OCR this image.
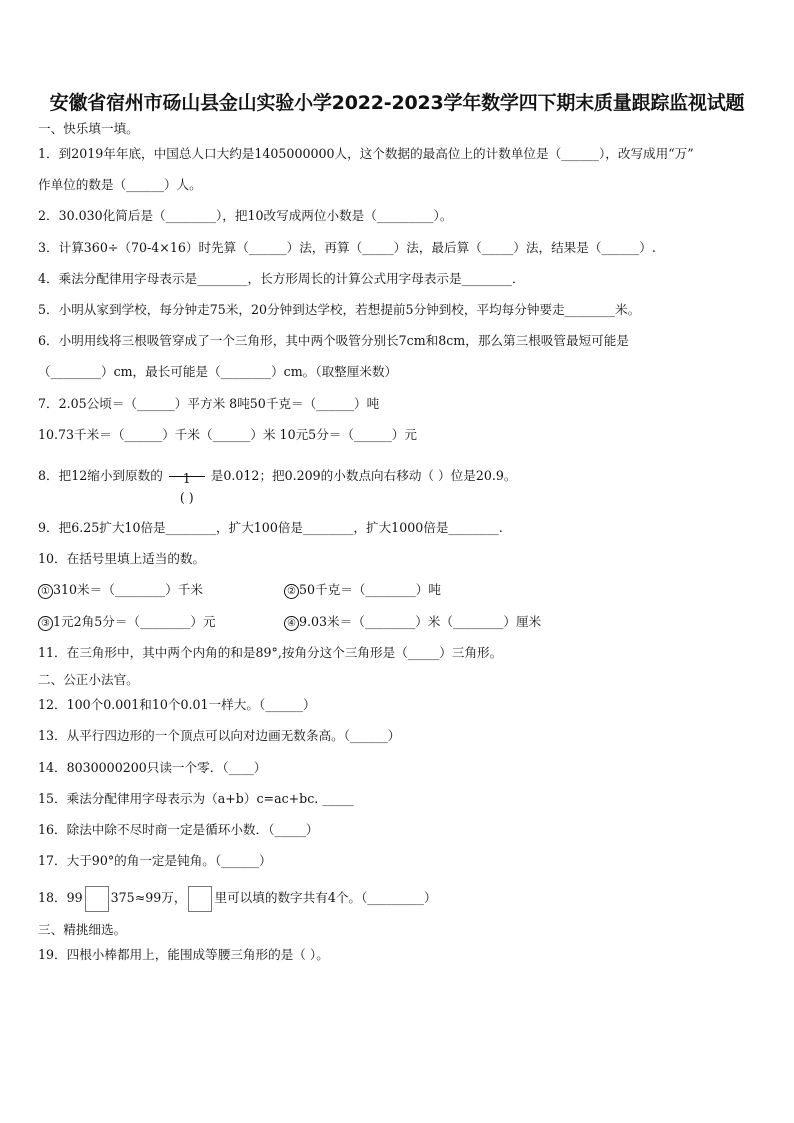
安徽省宿州市砀山县金山实验小学2022-2023学年数学四下期末质量跟踪监视试题
一、快乐填一填。
1．到2019年年底，中国总人口大约是1405000000人，这个数据的最高位上的计数单位是（______），改写成用“万”
作单位的数是（______）人。
2．30.030化简后是（________），把10改写成两位小数是（_________）。
3．计算360÷（70-4×16）时先算（______）法，再算（_____）法，最后算（_____）法，结果是（______）.
4．乘法分配律用字母表示是________，长方形周长的计算公式用字母表示是________．
5．小明从家到学校，每分钟走75米，20分钟到达学校，若想提前5分钟到校，平均每分钟要走________米。
6．小明用线将三根吸管穿成了一个三角形，其中两个吸管分别长7cm和8cm，那么第三根吸管最短可能是
（________）cm，最长可能是（________）cm。（取整厘米数）
7．2.05公顷＝（______）平方米 8吨50千克＝（______）吨
10.73千米＝（______）千米（______）米 10元5分＝（______）元
8．把12缩小到原数的	1
( )
是0.012；把0.209的小数点向右移动（ ）位是20.9。
9．把6.25扩大10倍是________，扩大100倍是________，扩大1000倍是________.
10．在括号里填上适当的数。
① 310米＝（________）千米	② 50千克＝（________）吨
③ 1元2角5分＝（________）元	④ 9.03米＝（________）米（________）厘米
11．在三角形中，其中两个内角的和是89°,按角分这个三角形是（_____）三角形。
二、公正小法官。
12．100个0.001和10个0.01一样大。（______）
13．从平行四边形的一个顶点可以向对边画无数条高。（______）
14．8030000200只读一个零．（____）
15．乘法分配律用字母表示为（a+b）c=ac+bc. _____
16．除法中除不尽时商一定是循环小数．（_____）
17．大于90°的角一定是钝角。（______）
18．99 375≈99万， 里可以填的数字共有4个。（_________）
三、精挑细选。
19．四根小棒都用上，能围成等腰三角形的是（ ）。
